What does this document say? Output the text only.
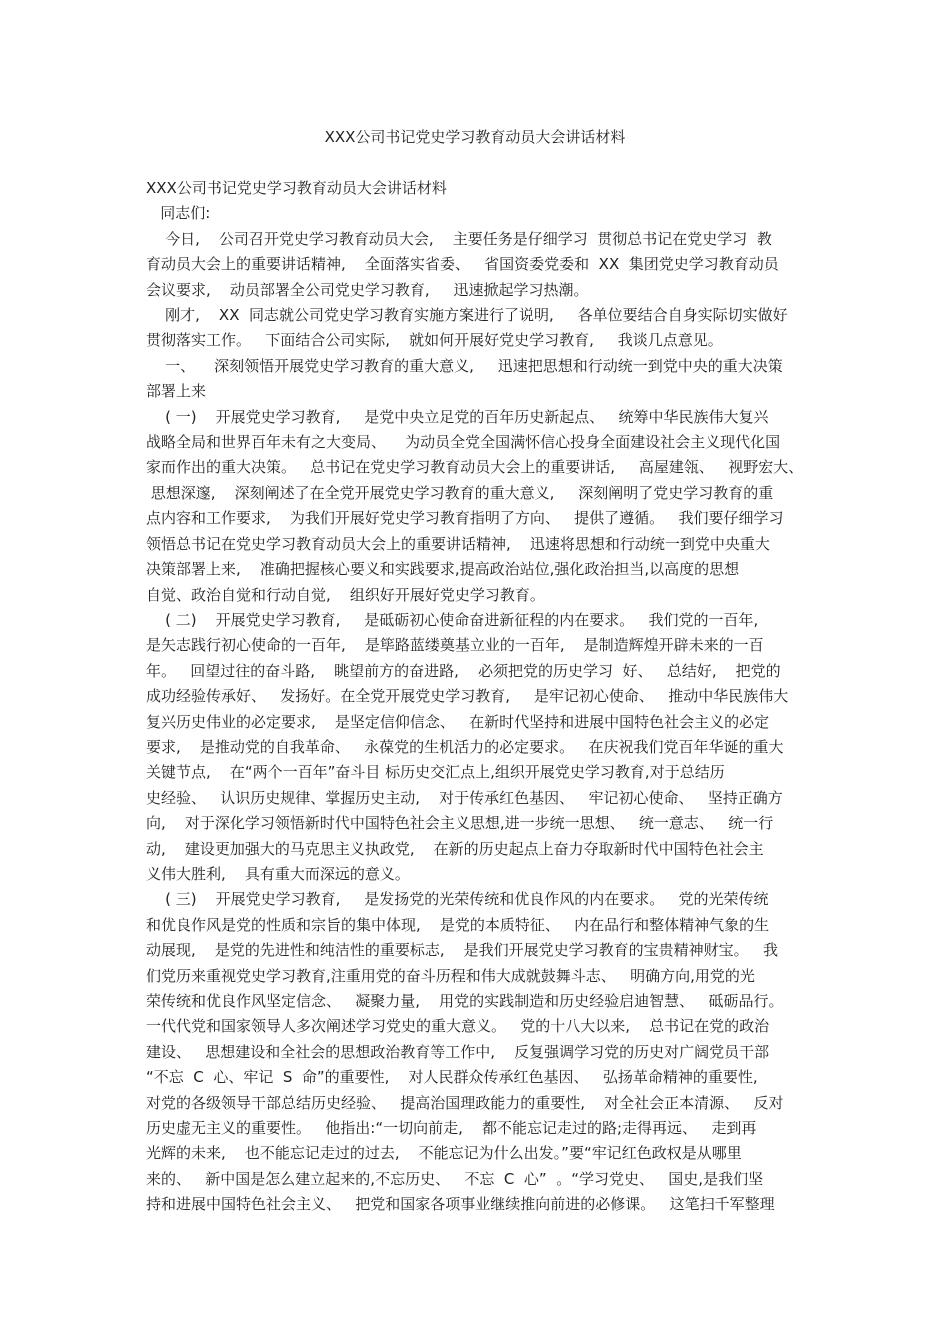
XXX公司书记党史学习教育动员大会讲话材料

XXX公司书记党史学习教育动员大会讲话材料

同志们:

今日,    公司召开党史学习教育动员大会,    主要任务是仔细学习  贯彻总书记在党史学习  教

育动员大会上的重要讲话精神,    全面落实省委、   省国资委党委和  XX  集团党史学习教育动员

会议要求,    动员部署全公司党史学习教育,     迅速掀起学习热潮。

刚才,    XX  同志就公司党史学习教育实施方案进行了说明,     各单位要结合自身实际切实做好

贯彻落实工作。   下面结合公司实际,    就如何开展好党史学习教育,     我谈几点意见。

一、    深刻领悟开展党史学习教育的重大意义,     迅速把思想和行动统一到党中央的重大决策

部署上来

( 一)    开展党史学习教育,     是党中央立足党的百年历史新起点、   统筹中华民族伟大复兴

战略全局和世界百年未有之大变局、    为动员全党全国满怀信心投身全面建设社会主义现代化国

家而作出的重大决策。   总书记在党史学习教育动员大会上的重要讲话,     高屋建瓴、   视野宏大、

思想深邃,    深刻阐述了在全党开展党史学习教育的重大意义,     深刻阐明了党史学习教育的重

点内容和工作要求,    为我们开展好党史学习教育指明了方向、   提供了遵循。   我们要仔细学习

领悟总书记在党史学习教育动员大会上的重要讲话精神,    迅速将思想和行动统一到党中央重大

决策部署上来,    准确把握核心要义和实践要求,提高政治站位,强化政治担当,以高度的思想

自觉、政治自觉和行动自觉,    组织好开展好党史学习教育。

( 二)    开展党史学习教育,     是砥砺初心使命奋进新征程的内在要求。   我们党的一百年,

是矢志践行初心使命的一百年,    是筚路蓝缕奠基立业的一百年,    是制造辉煌开辟未来的一百

年。   回望过往的奋斗路,    眺望前方的奋进路,    必须把党的历史学习  好、   总结好,    把党的

成功经验传承好、   发扬好。在全党开展党史学习教育,     是牢记初心使命、   推动中华民族伟大

复兴历史伟业的必定要求,    是坚定信仰信念、   在新时代坚持和进展中国特色社会主义的必定

要求,    是推动党的自我革命、   永葆党的生机活力的必定要求。   在庆祝我们党百年华诞的重大

关键节点,    在“两个一百年”奋斗目 标历史交汇点上,组织开展党史学习教育,对于总结历

史经验、   认识历史规律、掌握历史主动,    对于传承红色基因、   牢记初心使命、   坚持正确方

向,    对于深化学习领悟新时代中国特色社会主义思想,进一步统一思想、   统一意志、   统一行

动,    建设更加强大的马克思主义执政党,    在新的历史起点上奋力夺取新时代中国特色社会主

义伟大胜利,    具有重大而深远的意义。

( 三)    开展党史学习教育,     是发扬党的光荣传统和优良作风的内在要求。   党的光荣传统

和优良作风是党的性质和宗旨的集中体现,    是党的本质特征、   内在品行和整体精神气象的生

动展现,    是党的先进性和纯洁性的重要标志,    是我们开展党史学习教育的宝贵精神财宝。   我

们党历来重视党史学习教育,注重用党的奋斗历程和伟大成就鼓舞斗志、   明确方向,用党的光

荣传统和优良作风坚定信念、   凝聚力量,    用党的实践制造和历史经验启迪智慧、   砥砺品行。

一代代党和国家领导人多次阐述学习党史的重大意义。   党的十八大以来,    总书记在党的政治

建设、   思想建设和全社会的思想政治教育等工作中,    反复强调学习党的历史对广阔党员干部

“不忘  C  心、牢记  S  命”的重要性,    对人民群众传承红色基因、   弘扬革命精神的重要性,

对党的各级领导干部总结历史经验、   提高治国理政能力的重要性,    对全社会正本清源、   反对

历史虚无主义的重要性。   他指出:“一切向前走,    都不能忘记走过的路;走得再远、   走到再

光辉的未来,    也不能忘记走过的过去,    不能忘记为什么出发。”要“牢记红色政权是从哪里

来的、   新中国是怎么建立起来的,不忘历史、   不忘  C  心”  。“学习党史、   国史,是我们坚

持和进展中国特色社会主义、   把党和国家各项事业继续推向前进的必修课。   这笔扫千军整理
